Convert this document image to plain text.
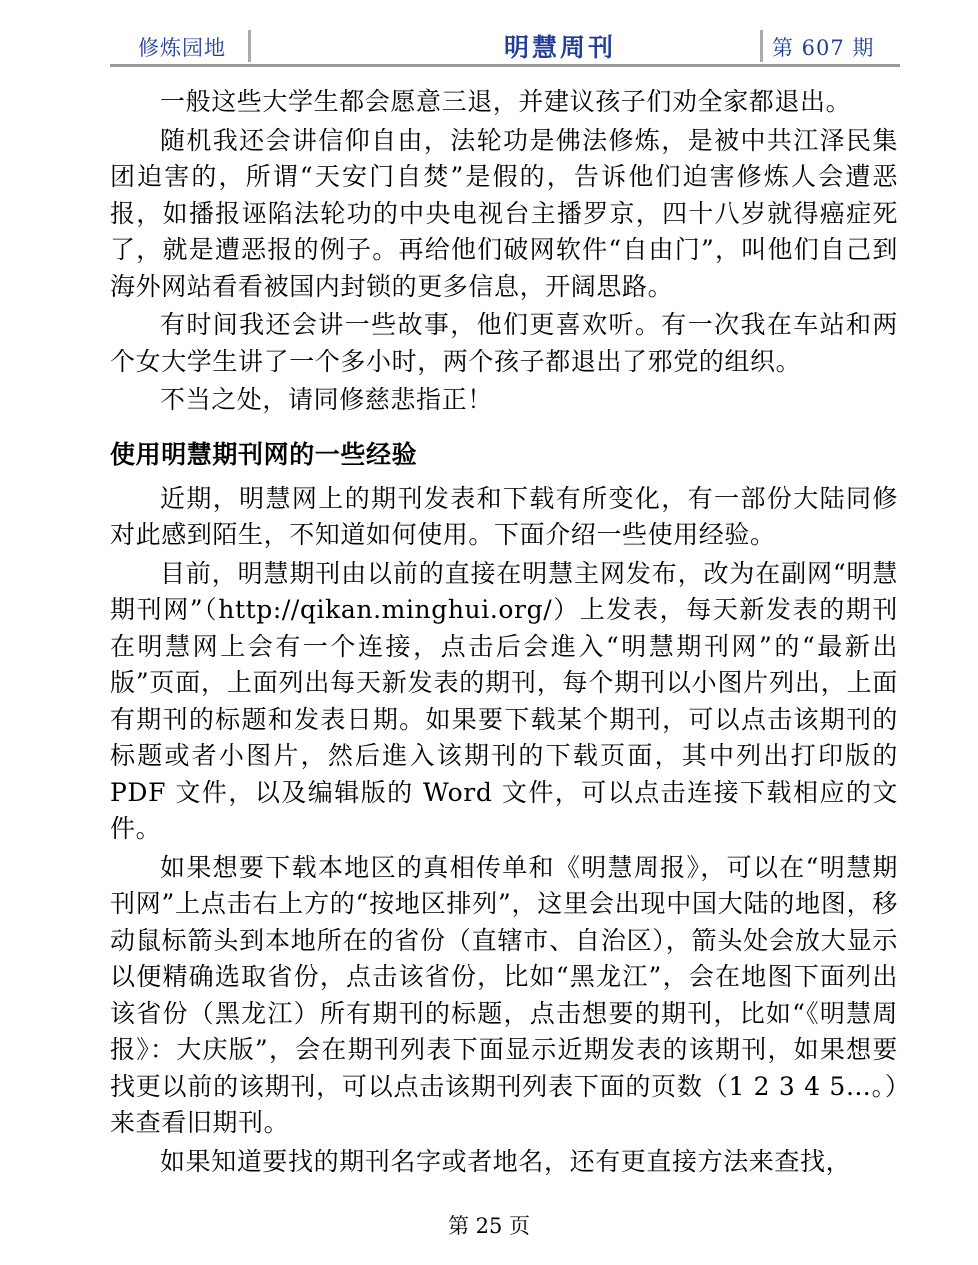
修炼园地	明慧周刊	第 607 期

一般这些大学生都会愿意三退，并建议孩子们劝全家都退出。

随机我还会讲信仰自由，法轮功是佛法修炼，是被中共江泽民集团迫害的，所谓“天安门自焚”是假的，告诉他们迫害修炼人会遭恶报，如播报诬陷法轮功的中央电视台主播罗京，四十八岁就得癌症死了，就是遭恶报的例子。再给他们破网软件“自由门”，叫他们自己到海外网站看看被国内封锁的更多信息，开阔思路。

有时间我还会讲一些故事，他们更喜欢听。有一次我在车站和两个女大学生讲了一个多小时，两个孩子都退出了邪党的组织。

不当之处，请同修慈悲指正！

使用明慧期刊网的一些经验

近期，明慧网上的期刊发表和下载有所变化，有一部份大陆同修对此感到陌生，不知道如何使用。下面介绍一些使用经验。

目前，明慧期刊由以前的直接在明慧主网发布，改为在副网“明慧期刊网”（http://qikan.minghui.org/）上发表，每天新发表的期刊在明慧网上会有一个连接，点击后会進入“明慧期刊网”的“最新出版”页面，上面列出每天新发表的期刊，每个期刊以小图片列出，上面有期刊的标题和发表日期。如果要下载某个期刊，可以点击该期刊的标题或者小图片，然后進入该期刊的下载页面，其中列出打印版的 PDF 文件，以及编辑版的 Word 文件，可以点击连接下载相应的文件。

如果想要下载本地区的真相传单和《明慧周报》，可以在“明慧期刊网”上点击右上方的“按地区排列”，这里会出现中国大陆的地图，移动鼠标箭头到本地所在的省份（直辖市、自治区），箭头处会放大显示以便精确选取省份，点击该省份，比如“黑龙江”，会在地图下面列出该省份（黑龙江）所有期刊的标题，点击想要的期刊，比如“《明慧周报》：大庆版”，会在期刊列表下面显示近期发表的该期刊，如果想要找更以前的该期刊，可以点击该期刊列表下面的页数（1 2 3 4 5…。）来查看旧期刊。

如果知道要找的期刊名字或者地名，还有更直接方法来查找，

第 25 页
